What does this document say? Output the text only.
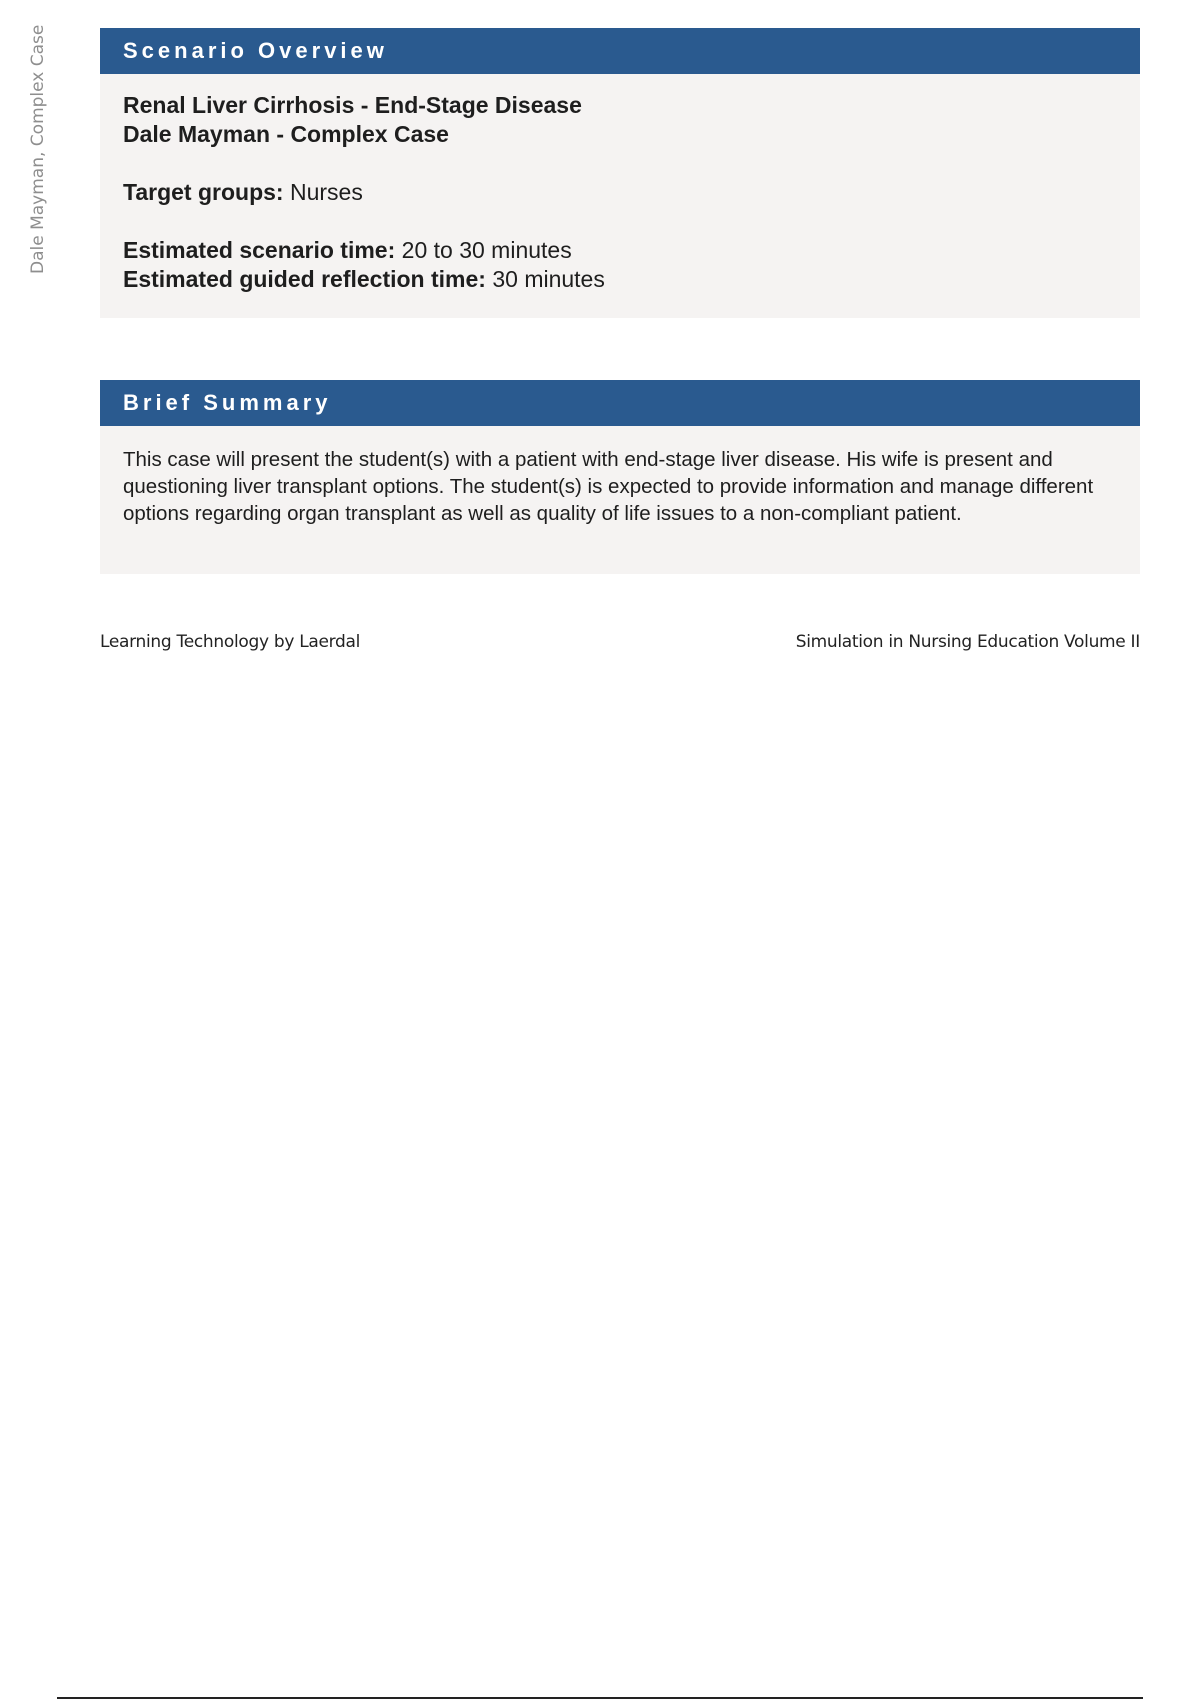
Dale Mayman, Complex Case	Scenario Overview
Renal Liver Cirrhosis - End-Stage Disease
Dale Mayman - Complex Case
Target groups: Nurses
Estimated scenario time: 20 to 30 minutes
Estimated guided reflection time: 30 minutes
Brief Summary
This case will present the student(s) with a patient with end-stage liver disease. His wife is present and questioning liver transplant options. The student(s) is expected to provide information and manage different options regarding organ transplant as well as quality of life issues to a non-compliant patient.
Learning Technology by Laerdal	Simulation in Nursing Education Volume II
